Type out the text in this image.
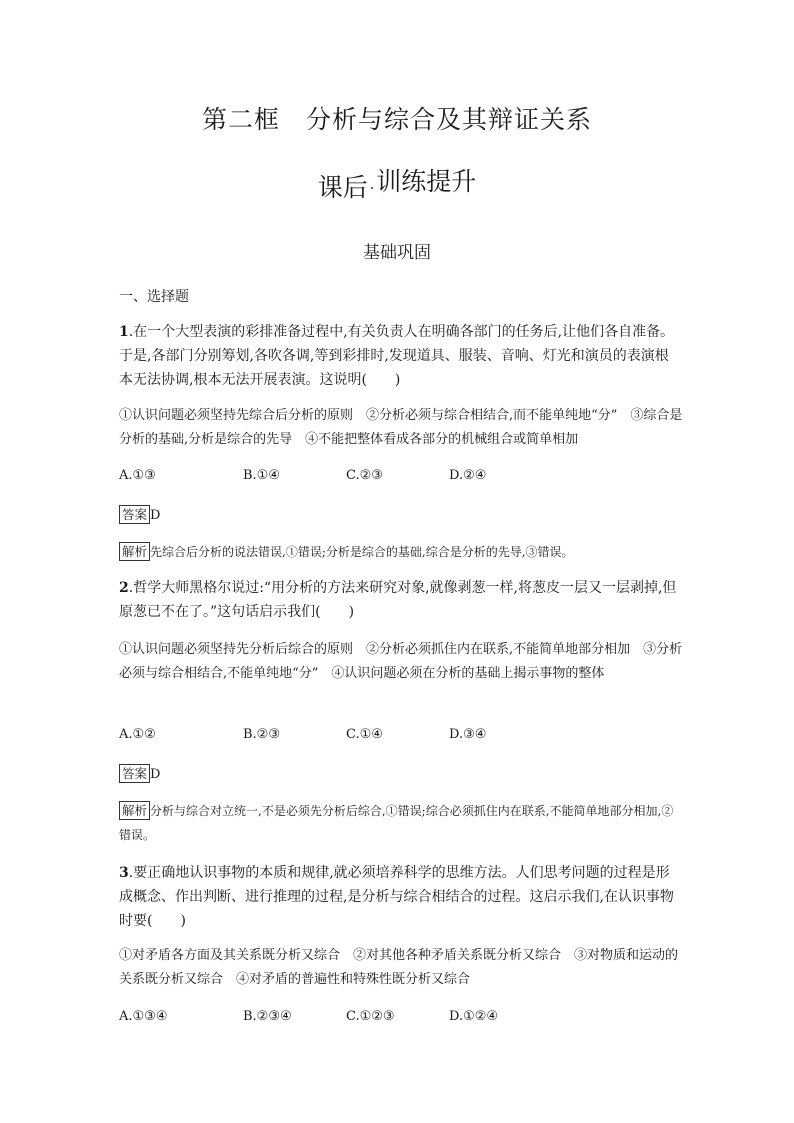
第二框　分析与综合及其辩证关系
课后 ·训练提升
基础巩固
一、选择题
1.在一个大型表演的彩排准备过程中,有关负责人在明确各部门的任务后,让他们各自准备。于是,各部门分别筹划,各吹各调,等到彩排时,发现道具、服装、音响、灯光和演员的表演根本无法协调,根本无法开展表演。这说明(　　)
①认识问题必须坚持先综合后分析的原则　②分析必须与综合相结合,而不能单纯地“分”　③综合是分析的基础,分析是综合的先导　④不能把整体看成各部分的机械组合或简单相加
A.①③	B.①④	C.②③	D.②④
答案 D
解析 先综合后分析的说法错误,①错误;分析是综合的基础,综合是分析的先导,③错误。
2.哲学大师黑格尔说过:“用分析的方法来研究对象,就像剥葱一样,将葱皮一层又一层剥掉,但原葱已不在了。”这句话启示我们(　　)
①认识问题必须坚持先分析后综合的原则　②分析必须抓住内在联系,不能简单地部分相加　③分析必须与综合相结合,不能单纯地“分”　④认识问题必须在分析的基础上揭示事物的整体
A.①②	B.②③	C.①④	D.③④
答案 D
解析 分析与综合对立统一,不是必须先分析后综合,①错误;综合必须抓住内在联系,不能简单地部分相加,②错误。
3.要正确地认识事物的本质和规律,就必须培养科学的思维方法。人们思考问题的过程是形成概念、作出判断、进行推理的过程,是分析与综合相结合的过程。这启示我们,在认识事物时要(　　)
①对矛盾各方面及其关系既分析又综合　②对其他各种矛盾关系既分析又综合　③对物质和运动的关系既分析又综合　④对矛盾的普遍性和特殊性既分析又综合
A.①③④	B.②③④	C.①②③	D.①②④
